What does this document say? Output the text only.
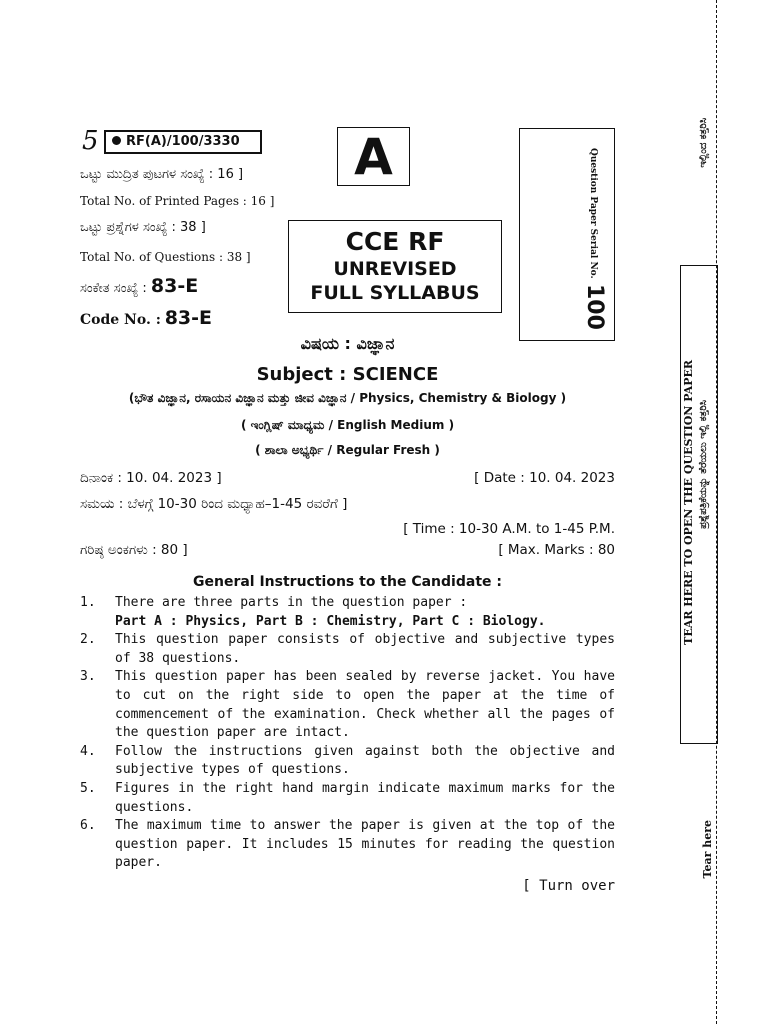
5	RF(A)/100/3330	A	Question Paper Serial No.
100
ಒಟ್ಟು ಮುದ್ರಿತ ಪುಟಗಳ ಸಂಖ್ಯೆ : 16 ]
Total No. of Printed Pages : 16 ]
ಒಟ್ಟು ಪ್ರಶ್ನೆಗಳ ಸಂಖ್ಯೆ : 38 ]
Total No. of Questions : 38 ]
ಸಂಕೇತ ಸಂಖ್ಯೆ : 83-E
Code No. : 83-E
CCE RF
UNREVISED
FULL SYLLABUS
ವಿಷಯ : ವಿಜ್ಞಾನ
Subject : SCIENCE
(ಭೌತ ವಿಜ್ಞಾನ, ರಸಾಯನ ವಿಜ್ಞಾನ ಮತ್ತು ಜೀವ ವಿಜ್ಞಾನ / Physics, Chemistry & Biology )
( ಇಂಗ್ಲಿಷ್ ಮಾಧ್ಯಮ / English Medium )
( ಶಾಲಾ ಅಭ್ಯರ್ಥಿ / Regular Fresh )
ದಿನಾಂಕ : 10. 04. 2023 ]	[ Date : 10. 04. 2023
ಸಮಯ : ಬೆಳಗ್ಗೆ 10-30 ರಿಂದ ಮಧ್ಯಾಹ–1-45 ರವರೆಗೆ ]
[ Time : 10-30 A.M. to 1-45 P.M.
ಗರಿಷ್ಠ ಅಂಕಗಳು : 80 ]	[ Max. Marks : 80
General Instructions to the Candidate :
1.	There are three parts in the question paper :
Part A : Physics, Part B : Chemistry, Part C : Biology.
2.	This question paper consists of objective and subjective types of 38 questions.
3.	This question paper has been sealed by reverse jacket. You have to cut on the right side to open the paper at the time of commencement of the examination. Check whether all the pages of the question paper are intact.
4.	Follow the instructions given against both the objective and subjective types of questions.
5.	Figures in the right hand margin indicate maximum marks for the questions.
6.	The maximum time to answer the paper is given at the top of the question paper. It includes 15 minutes for reading the question paper.
[ Turn over
ಇಲ್ಲಿಂದ ಕತ್ತರಿಸಿ
TEAR HERE TO OPEN THE QUESTION PAPER ಪ್ರಶ್ನೆಪತ್ರಿಕೆಯನ್ನು ತೆರೆಯಲು ಇಲ್ಲಿ ಕತ್ತರಿಸಿ
Tear here
